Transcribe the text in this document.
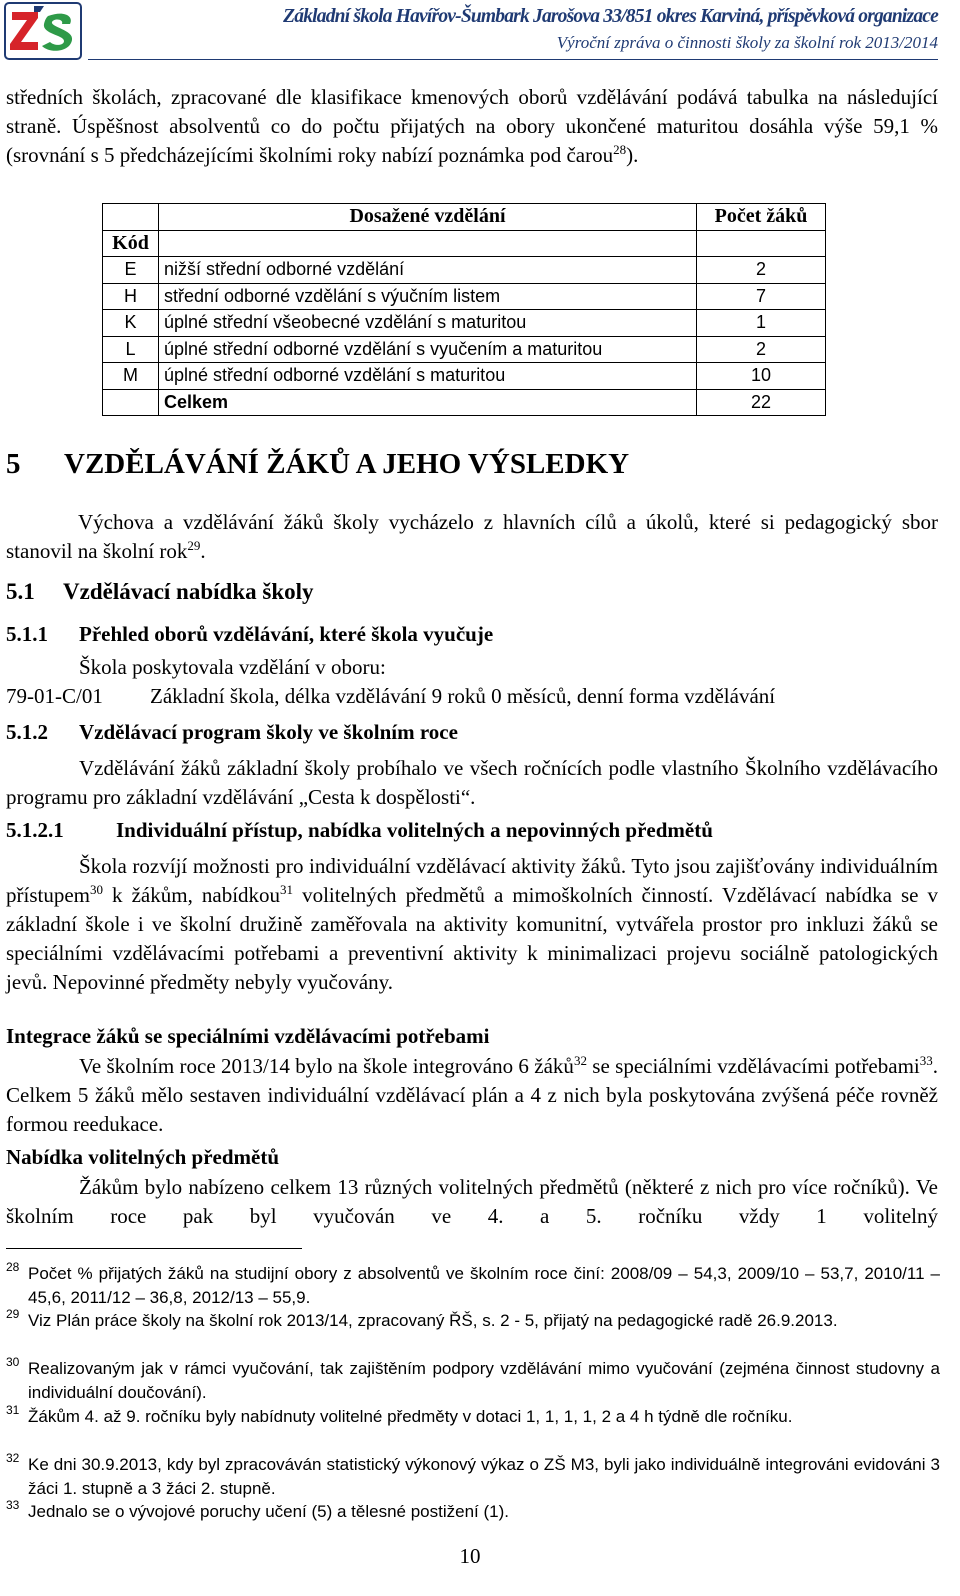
Základní škola Havířov-Šumbark Jarošova 33/851 okres Karviná, příspěvková organizace
Výroční zpráva o činnosti školy za školní rok 2013/2014
středních školách, zpracované dle klasifikace kmenových oborů vzdělávání podává tabulka na následující straně. Úspěšnost absolventů co do počtu přijatých na obory ukončené maturitou dosáhla výše 59,1 % (srovnání s 5 předcházejícími školními roky nabízí poznámka pod čarou$^{28}$).
	Dosažené vzdělání	Počet žáků
Kód		
E	nižší střední odborné vzdělání	2
H	střední odborné vzdělání s výučním listem	7
K	úplné střední všeobecné vzdělání s maturitou	1
L	úplné střední odborné vzdělání s vyučením a maturitou	2
M	úplné střední odborné vzdělání s maturitou	10
	Celkem	22
5 VZDĚLÁVÁNÍ ŽÁKŮ A JEHO VÝSLEDKY
Výchova a vzdělávání žáků školy vycházelo z hlavních cílů a úkolů, které si pedagogický sbor stanovil na školní rok$^{29}$.
5.1 Vzdělávací nabídka školy
5.1.1 Přehled oborů vzdělávání, které škola vyučuje
Škola poskytovala vzdělání v oboru:
79-01-C/01 Základní škola, délka vzdělávání 9 roků 0 měsíců, denní forma vzdělávání
5.1.2 Vzdělávací program školy ve školním roce
Vzdělávání žáků základní školy probíhalo ve všech ročnících podle vlastního Školního vzdělávacího programu pro základní vzdělávání „Cesta k dospělosti“.
5.1.2.1 Individuální přístup, nabídka volitelných a nepovinných předmětů
Škola rozvíjí možnosti pro individuální vzdělávací aktivity žáků. Tyto jsou zajišťovány individuálním přístupem$^{30}$ k žákům, nabídkou$^{31}$ volitelných předmětů a mimoškolních činností. Vzdělávací nabídka se v základní škole i ve školní družině zaměřovala na aktivity komunitní, vytvářela prostor pro inkluzi žáků se speciálními vzdělávacími potřebami a preventivní aktivity k minimalizaci projevu sociálně patologických jevů. Nepovinné předměty nebyly vyučovány.
Integrace žáků se speciálními vzdělávacími potřebami
Ve školním roce 2013/14 bylo na škole integrováno 6 žáků$^{32}$ se speciálními vzdělávacími potřebami$^{33}$. Celkem 5 žáků mělo sestaven individuální vzdělávací plán a 4 z nich byla poskytována zvýšená péče rovněž formou reedukace.
Nabídka volitelných předmětů
Žákům bylo nabízeno celkem 13 různých volitelných předmětů (některé z nich pro více ročníků). Ve školním roce pak byl vyučován ve 4. a 5. ročníku vždy 1 volitelný
28 Počet % přijatých žáků na studijní obory z absolventů ve školním roce činí: 2008/09 – 54,3, 2009/10 – 53,7, 2010/11 – 45,6, 2011/12 – 36,8, 2012/13 – 55,9.
29 Viz Plán práce školy na školní rok 2013/14, zpracovaný ŘŠ, s. 2 - 5, přijatý na pedagogické radě 26.9.2013.
30 Realizovaným jak v rámci vyučování, tak zajištěním podpory vzdělávání mimo vyučování (zejména činnost studovny a individuální doučování).
31 Žákům 4. až 9. ročníku byly nabídnuty volitelné předměty v dotaci 1, 1, 1, 1, 2 a 4 h týdně dle ročníku.
32 Ke dni 30.9.2013, kdy byl zpracováván statistický výkonový výkaz o ZŠ M3, byli jako individuálně integrováni evidováni 3 žáci 1. stupně a 3 žáci 2. stupně.
33 Jednalo se o vývojové poruchy učení (5) a tělesné postižení (1).
10
